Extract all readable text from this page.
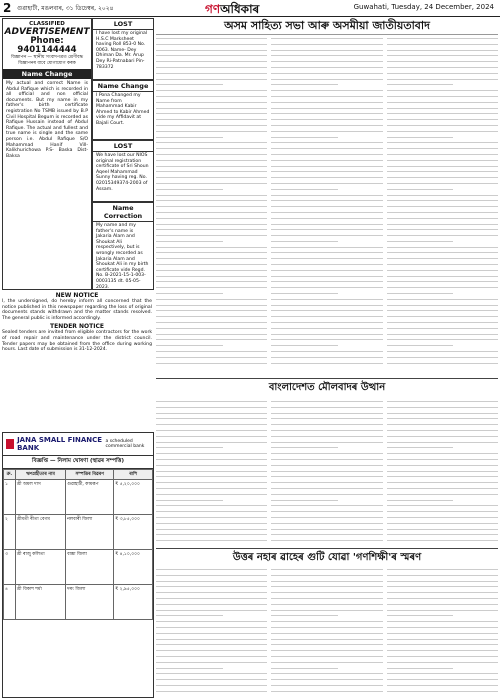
2 গুৱাহাটী, মঙলবাৰ, ৩১ ডিচেম্বৰ, ২০২৪	গণঅধিকাৰ	Guwahati, Tuesday, 24 December, 2024
CLASSIFIED
ADVERTISEMENT
Phone: 9401144444
বিজ্ঞাপন — স্থানীয় সংবাদপত্ৰত শ্ৰেণীবদ্ধ বিজ্ঞাপনৰ বাবে যোগাযোগ কৰক
Name Change
My actual and correct Name is Abdul Rafique which is recorded in all official and non official documents. But my name in my father's birth certificate registration No TSMB issued by B.P Civil Hospital Begum is recorded as Rafique Hussain instead of Abdul Rafique. The actual and fullest and true name is single and the same person i.e. Abdul Rafique S/O Mahammad Hanif Vill- Kalikhurichowa P.S- Baska Dist- Baksa
LOST
I have lost my original H.S.C Marksheet having Roll 853-0 No. 0063. Name- Dey Dhiman Da. Mr. Arup Dey Ri-Patnabari Pin- 783372
Name Change
I Pona Changed my Name from Mahammad Kabir Ahmed to Kabir Ahmed vide my Affidavit at Bajali Court.
LOST
We have lost our NIOS original registration certificate of Sri Shoun Aqeel Mahammad Sunny having reg. No. 02015349374-2003 of Assam.
Name Correction
My name and my father's name is Jakaria Alam and Shoukat Ali respectively, but is wrongly recorded as Jakaria Alam and Shoukat Ali in my birth certificate vide Regd. No. B-2021-15-1-003-0003135 dt. 05-05-2023.
NEW NOTICE
I, the undersigned, do hereby inform all concerned that the notice published in this newspaper regarding the loss of original documents stands withdrawn and the matter stands resolved. The general public is informed accordingly.
TENDER NOTICE
Sealed tenders are invited from eligible contractors for the work of road repair and maintenance under the district council. Tender papers may be obtained from the office during working hours. Last date of submission is 31-12-2024.
JANA SMALL FINANCE BANK
a scheduled commercial bank
বিজ্ঞপ্তি — নিলাম ঘোষণা (স্থাৱৰ সম্পত্তি)
ক্ৰ.	ঋণগ্ৰহীতাৰ নাম	সম্পত্তিৰ বিৱৰণ	ৰাশি
১	শ্ৰী অমল দাস	গুৱাহাটী, কামৰূপ	₹ ৫,২০,০০০
২	শ্ৰীমতী ৰীতা বেগম	নলবাৰী জিলা	₹ ৩,৮৫,০০০
৩	শ্ৰী ৰাজু কলিতা	বাক্সা জিলা	₹ ৪,১০,০০০
৪	শ্ৰী বিকাশ শৰ্মা	দৰং জিলা	₹ ২,৯৫,০০০
অসম সাহিত্য সভা আৰু অসমীয়া জাতীয়তাবাদ
বাংলাদেশত মৌলবাদৰ উত্থান
উত্তৰ নহাৰ ৱাহেৰ গুটি যোৱা 'গণশিক্ষী'ৰ স্মৰণ
